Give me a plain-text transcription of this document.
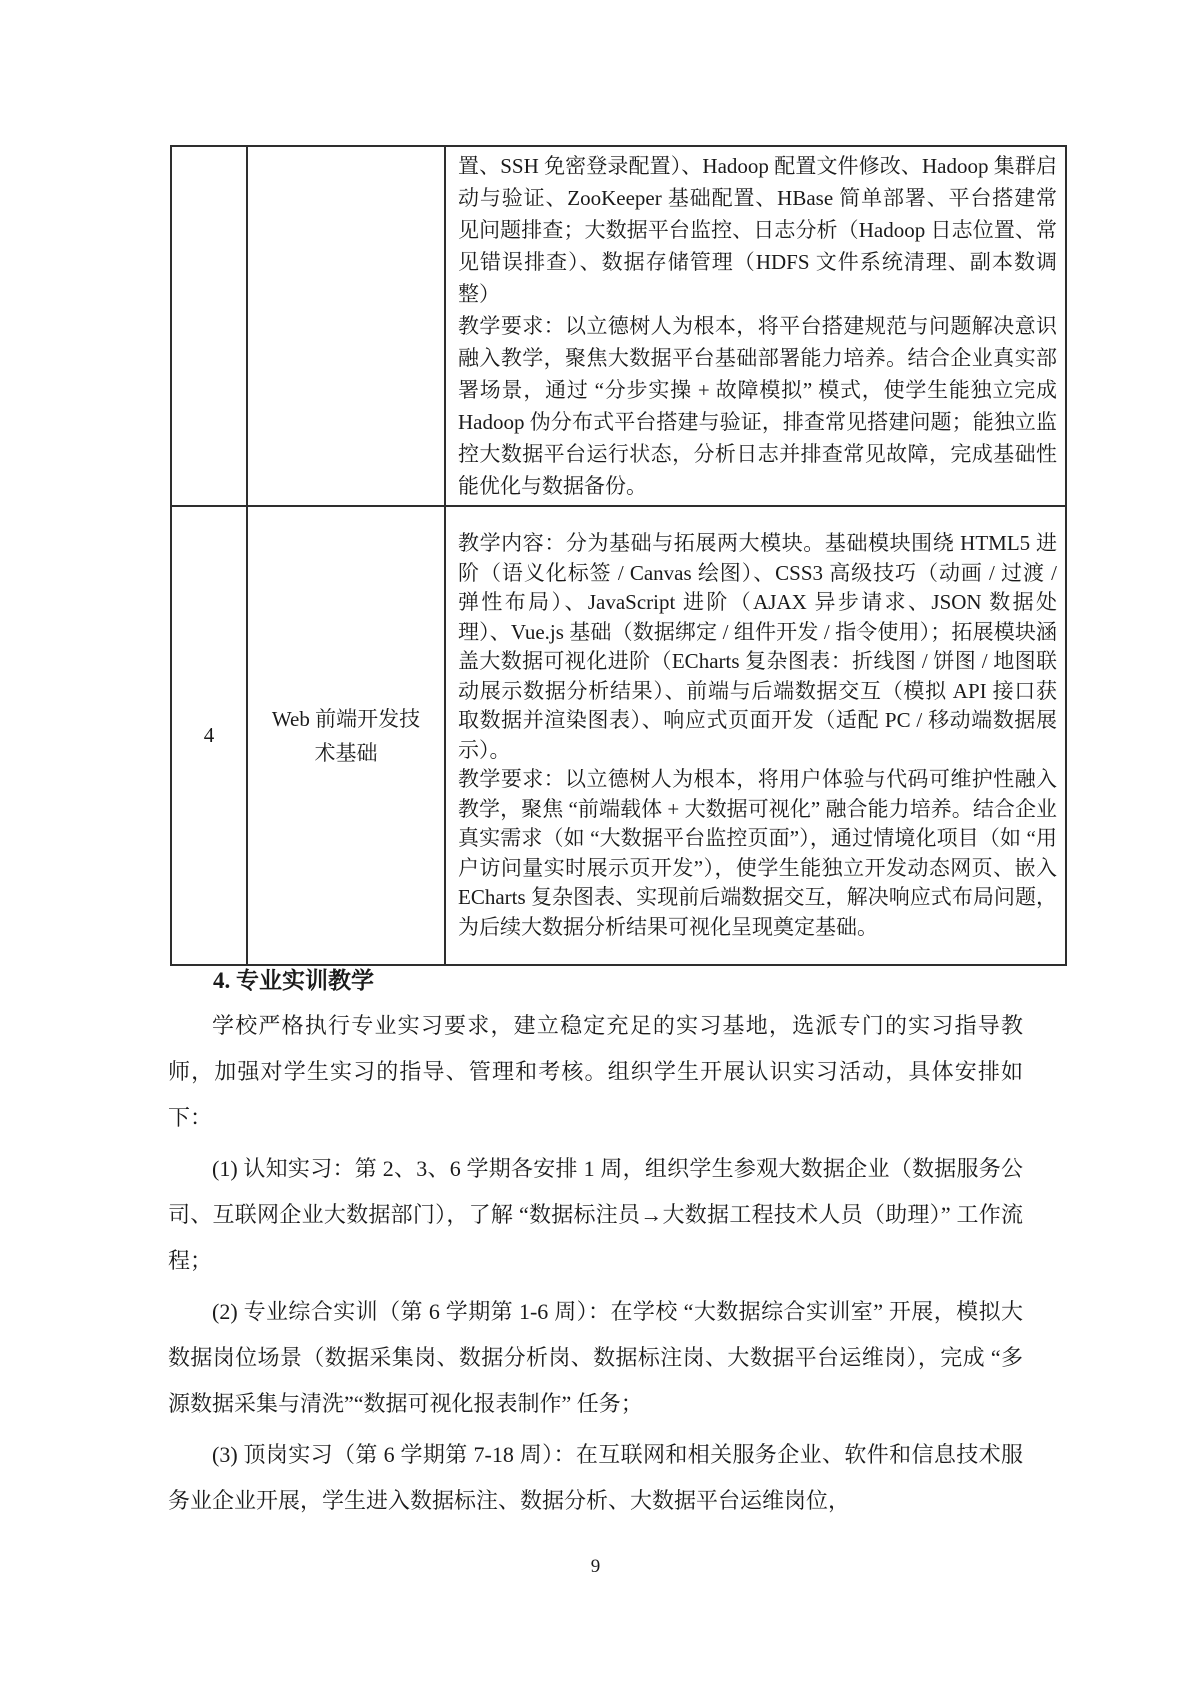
		置、SSH 免密登录配置）、Hadoop 配置文件修改、Hadoop 集群启动与验证、ZooKeeper 基础配置、HBase 简单部署、平台搭建常见问题排查；大数据平台监控、日志分析（Hadoop 日志位置、常见错误排查）、数据存储管理（HDFS 文件系统清理、副本数调整）

教学要求：以立德树人为根本，将平台搭建规范与问题解决意识融入教学，聚焦大数据平台基础部署能力培养。结合企业真实部署场景，通过 “分步实操 + 故障模拟” 模式，使学生能独立完成 Hadoop 伪分布式平台搭建与验证，排查常见搭建问题；能独立监控大数据平台运行状态，分析日志并排查常见故障，完成基础性能优化与数据备份。

4	Web 前端开发技术基础	教学内容：分为基础与拓展两大模块。基础模块围绕 HTML5 进阶（语义化标签 / Canvas 绘图）、CSS3 高级技巧（动画 / 过渡 / 弹性布局）、JavaScript 进阶（AJAX 异步请求、JSON 数据处理）、Vue.js 基础（数据绑定 / 组件开发 / 指令使用）；拓展模块涵盖大数据可视化进阶（ECharts 复杂图表：折线图 / 饼图 / 地图联动展示数据分析结果）、前端与后端数据交互（模拟 API 接口获取数据并渲染图表）、响应式页面开发（适配 PC / 移动端数据展示）。

教学要求：以立德树人为根本，将用户体验与代码可维护性融入教学，聚焦 “前端载体 + 大数据可视化” 融合能力培养。结合企业真实需求（如 “大数据平台监控页面”），通过情境化项目（如 “用户访问量实时展示页开发”），使学生能独立开发动态网页、嵌入 ECharts 复杂图表、实现前后端数据交互，解决响应式布局问题，为后续大数据分析结果可视化呈现奠定基础。

4. 专业实训教学

学校严格执行专业实习要求，建立稳定充足的实习基地，选派专门的实习指导教师，加强对学生实习的指导、管理和考核。组织学生开展认识实习活动，具体安排如下：

(1) 认知实习：第 2、3、6 学期各安排 1 周，组织学生参观大数据企业（数据服务公司、互联网企业大数据部门），了解 “数据标注员→大数据工程技术人员（助理）” 工作流程；

(2) 专业综合实训（第 6 学期第 1-6 周）：在学校 “大数据综合实训室” 开展，模拟大数据岗位场景（数据采集岗、数据分析岗、数据标注岗、大数据平台运维岗），完成 “多源数据采集与清洗”“数据可视化报表制作” 任务；

(3) 顶岗实习（第 6 学期第 7-18 周）：在互联网和相关服务企业、软件和信息技术服务业企业开展，学生进入数据标注、数据分析、大数据平台运维岗位，

9
